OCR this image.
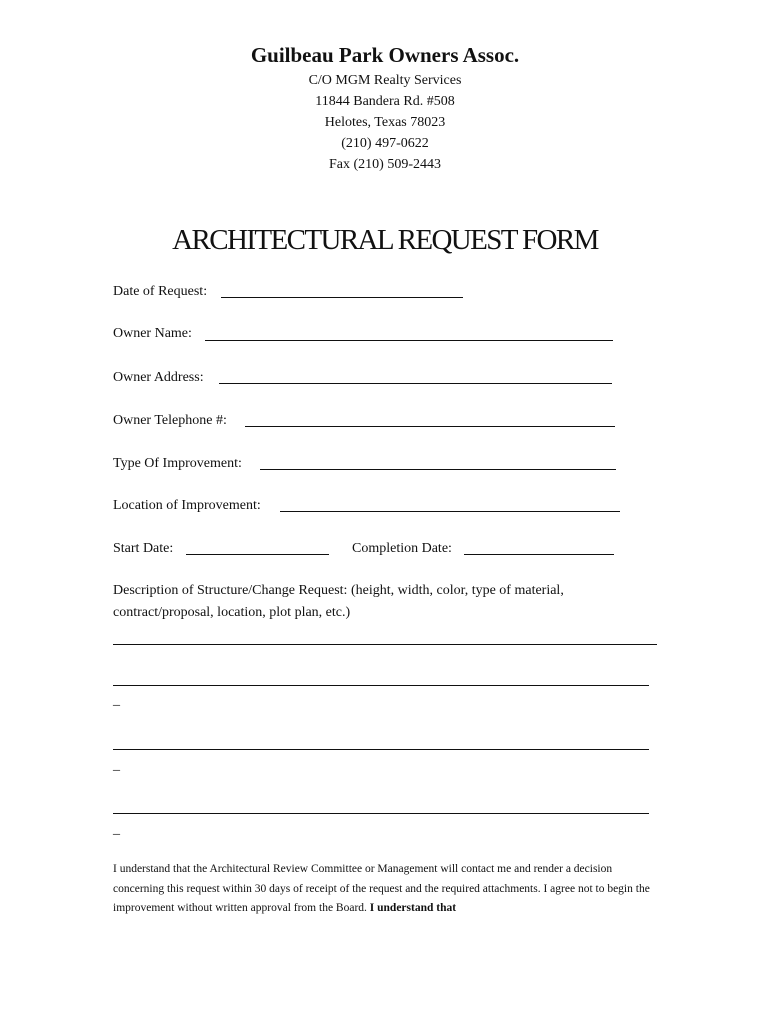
Guilbeau Park Owners Assoc.
C/O MGM Realty Services
11844 Bandera Rd. #508
Helotes, Texas 78023
(210) 497-0622
Fax (210) 509-2443
ARCHITECTURAL REQUEST FORM
Date of Request:
Owner Name:
Owner Address:
Owner Telephone #:
Type Of Improvement:
Location of Improvement:
Start Date:	Completion Date:
Description of Structure/Change Request: (height, width, color, type of material, contract/proposal, location, plot plan, etc.)
_
_
_
I understand that the Architectural Review Committee or Management will contact me and render a decision concerning this request within 30 days of receipt of the request and the required attachments. I agree not to begin the improvement without written approval from the Board. I understand that
